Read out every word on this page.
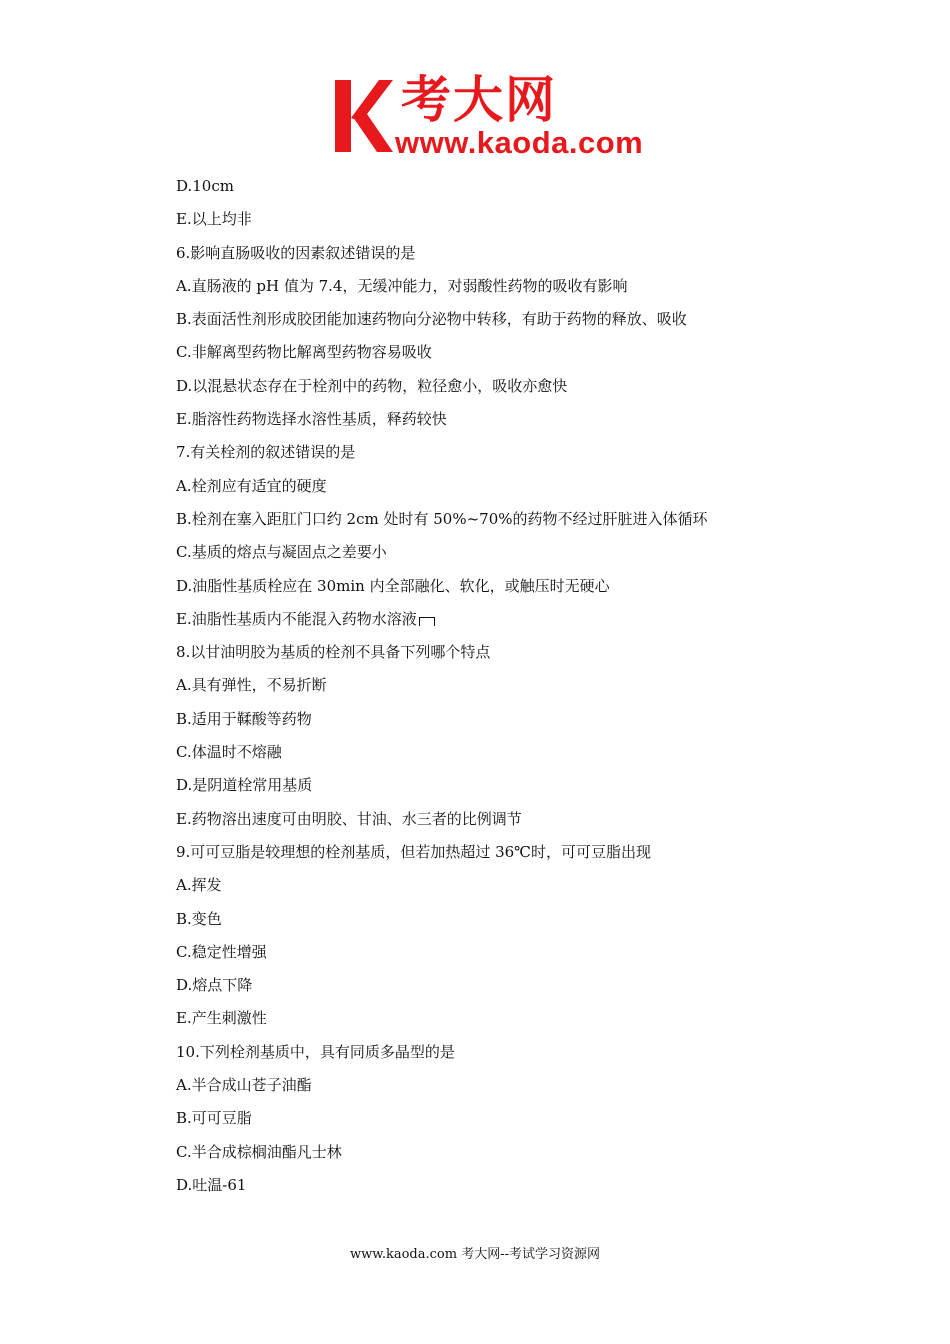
考大网
www.kaoda.com
D.10cm
E.以上均非
6.影响直肠吸收的因素叙述错误的是
A.直肠液的 pH 值为 7.4，无缓冲能力，对弱酸性药物的吸收有影响
B.表面活性剂形成胶团能加速药物向分泌物中转移，有助于药物的释放、吸收
C.非解离型药物比解离型药物容易吸收
D.以混悬状态存在于栓剂中的药物，粒径愈小，吸收亦愈快
E.脂溶性药物选择水溶性基质，释药较快
7.有关栓剂的叙述错误的是
A.栓剂应有适宜的硬度
B.栓剂在塞入距肛门口约 2cm 处时有 50%~70%的药物不经过肝脏进入体循环
C.基质的熔点与凝固点之差要小
D.油脂性基质栓应在 30min 内全部融化、软化，或触压时无硬心
E.油脂性基质内不能混入药物水溶液
8.以甘油明胶为基质的栓剂不具备下列哪个特点
A.具有弹性，不易折断
B.适用于鞣酸等药物
C.体温时不熔融
D.是阴道栓常用基质
E.药物溶出速度可由明胶、甘油、水三者的比例调节
9.可可豆脂是较理想的栓剂基质，但若加热超过 36℃时，可可豆脂出现
A.挥发
B.变色
C.稳定性增强
D.熔点下降
E.产生刺激性
10.下列栓剂基质中，具有同质多晶型的是
A.半合成山苍子油酯
B.可可豆脂
C.半合成棕榈油酯凡士林
D.吐温-61
www.kaoda.com 考大网--考试学习资源网
